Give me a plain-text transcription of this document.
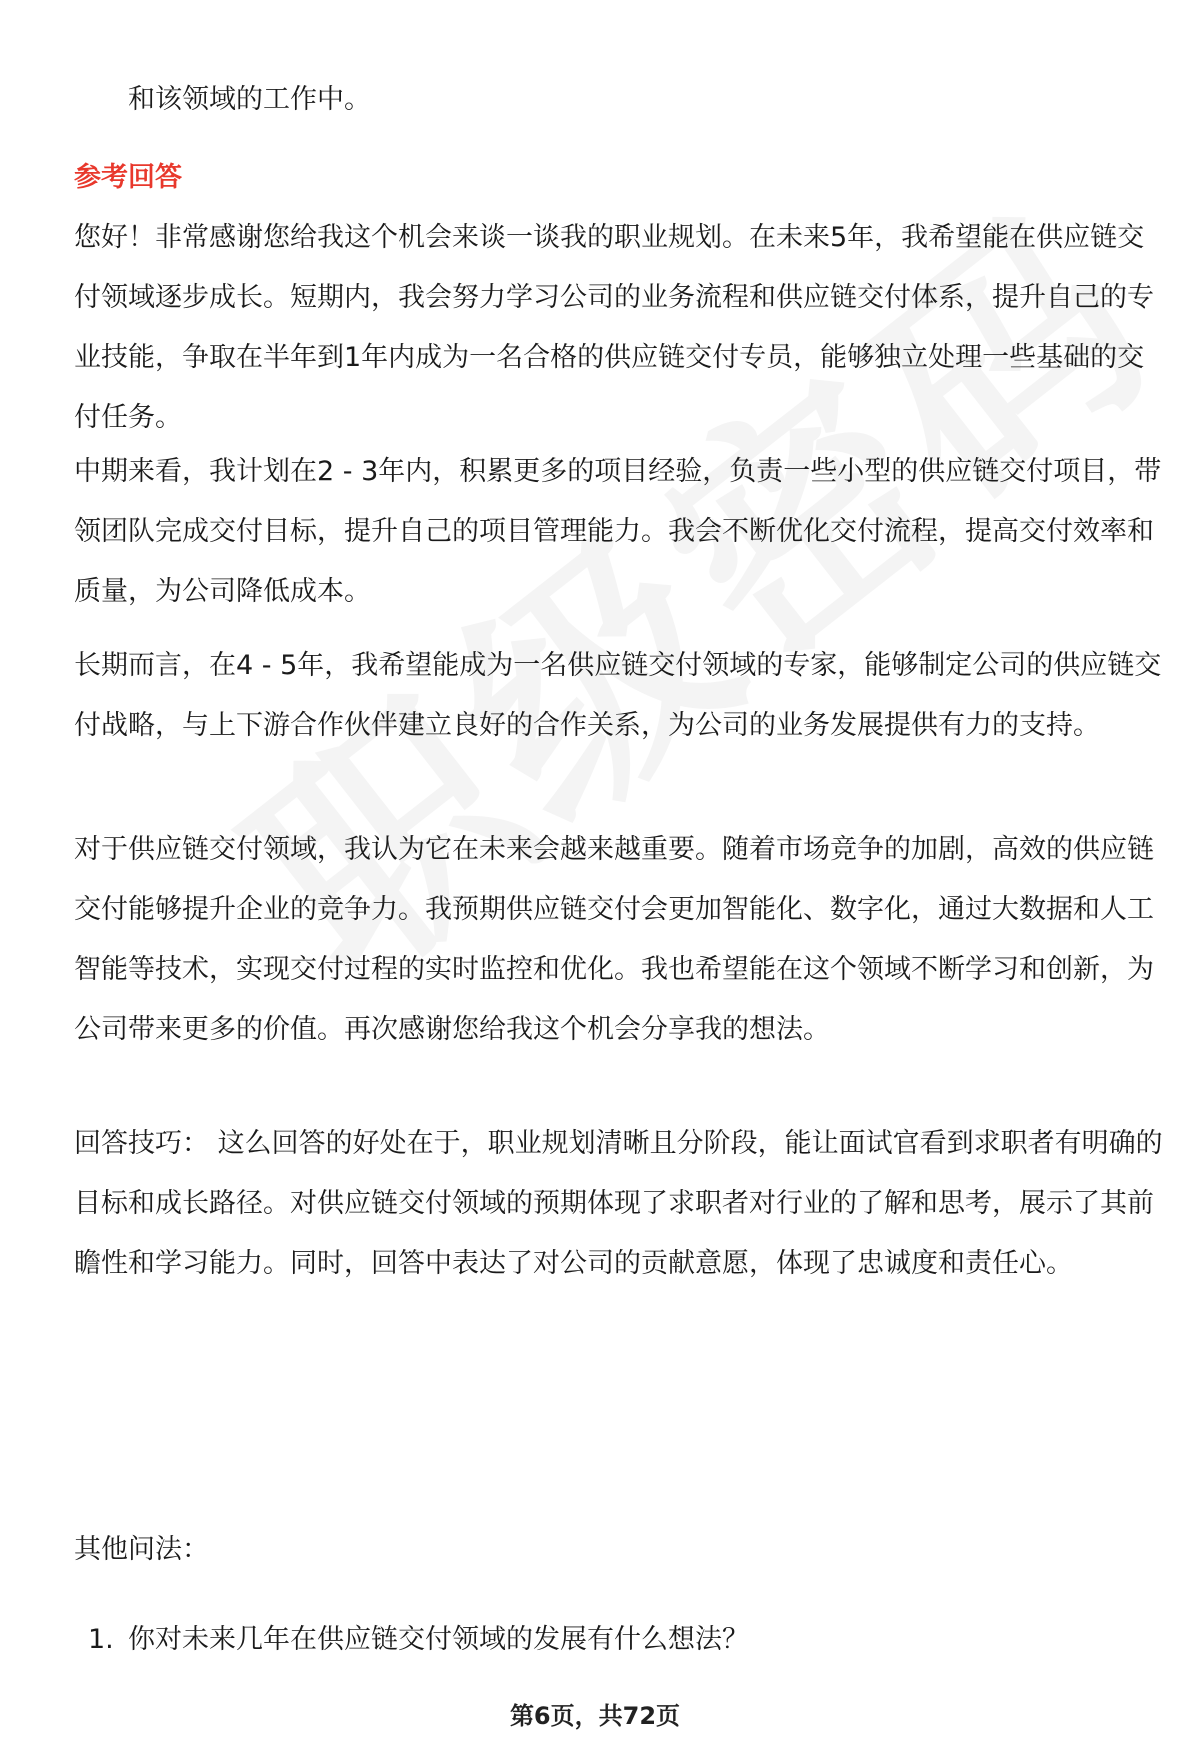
和该领域的工作中。

参考回答

您好！非常感谢您给我这个机会来谈一谈我的职业规划。在未来5年，我希望能在供应链交付领域逐步成长。短期内，我会努力学习公司的业务流程和供应链交付体系，提升自己的专业技能，争取在半年到1年内成为一名合格的供应链交付专员，能够独立处理一些基础的交付任务。

中期来看，我计划在2 - 3年内，积累更多的项目经验，负责一些小型的供应链交付项目，带领团队完成交付目标，提升自己的项目管理能力。我会不断优化交付流程，提高交付效率和质量，为公司降低成本。

长期而言，在4 - 5年，我希望能成为一名供应链交付领域的专家，能够制定公司的供应链交付战略，与上下游合作伙伴建立良好的合作关系，为公司的业务发展提供有力的支持。

对于供应链交付领域，我认为它在未来会越来越重要。随着市场竞争的加剧，高效的供应链交付能够提升企业的竞争力。我预期供应链交付会更加智能化、数字化，通过大数据和人工智能等技术，实现交付过程的实时监控和优化。我也希望能在这个领域不断学习和创新，为公司带来更多的价值。再次感谢您给我这个机会分享我的想法。

回答技巧： 这么回答的好处在于，职业规划清晰且分阶段，能让面试官看到求职者有明确的目标和成长路径。对供应链交付领域的预期体现了求职者对行业的了解和思考，展示了其前瞻性和学习能力。同时，回答中表达了对公司的贡献意愿，体现了忠诚度和责任心。

其他问法：

1. 你对未来几年在供应链交付领域的发展有什么想法？

第6页，共72页
